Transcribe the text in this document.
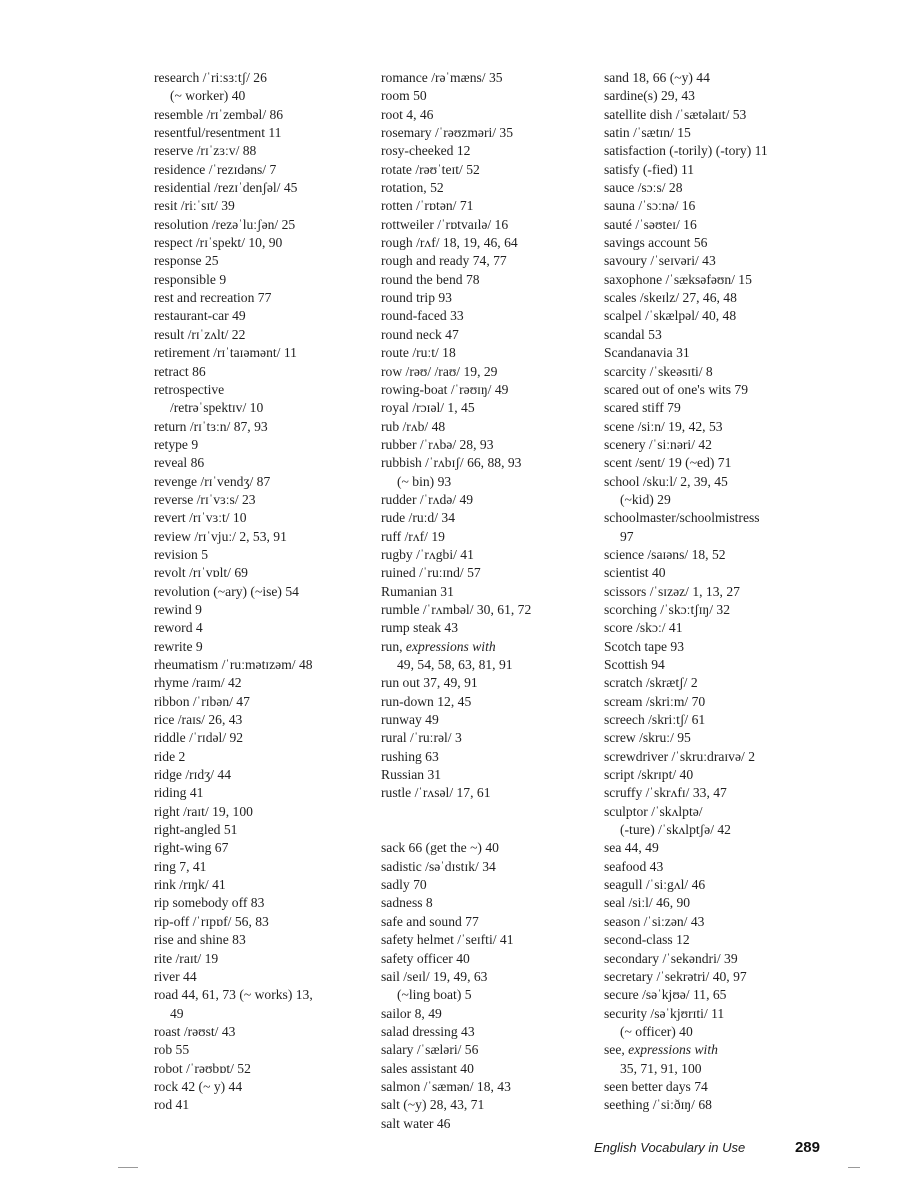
research /ˈriːsɜːtʃ/ 26
(~ worker) 40
resemble /rɪˈzembəl/ 86
resentful/resentment 11
reserve /rɪˈzɜːv/ 88
residence /ˈrezɪdəns/ 7
residential /rezɪˈdenʃəl/ 45
resit /riːˈsɪt/ 39
resolution /rezəˈluːʃən/ 25
respect /rɪˈspekt/ 10, 90
response 25
responsible 9
rest and recreation 77
restaurant-car 49
result /rɪˈzʌlt/ 22
retirement /rɪˈtaɪəmənt/ 11
retract 86
retrospective
/retrəˈspektɪv/ 10
return /rɪˈtɜːn/ 87, 93
retype 9
reveal 86
revenge /rɪˈvendʒ/ 87
reverse /rɪˈvɜːs/ 23
revert /rɪˈvɜːt/ 10
review /rɪˈvjuː/ 2, 53, 91
revision 5
revolt /rɪˈvɒlt/ 69
revolution (~ary) (~ise) 54
rewind 9
reword 4
rewrite 9
rheumatism /ˈruːmətɪzəm/ 48
rhyme /raɪm/ 42
ribbon /ˈrɪbən/ 47
rice /raɪs/ 26, 43
riddle /ˈrɪdəl/ 92
ride 2
ridge /rɪdʒ/ 44
riding 41
right /raɪt/ 19, 100
right-angled 51
right-wing 67
ring 7, 41
rink /rɪŋk/ 41
rip somebody off 83
rip-off /ˈrɪpɒf/ 56, 83
rise and shine 83
rite /raɪt/ 19
river 44
road 44, 61, 73 (~ works) 13,
49
roast /rəʊst/ 43
rob 55
robot /ˈrəʊbɒt/ 52
rock 42 (~ y) 44
rod 41
romance /rəˈmæns/ 35
room 50
root 4, 46
rosemary /ˈrəʊzməri/ 35
rosy-cheeked 12
rotate /rəʊˈteɪt/ 52
rotation, 52
rotten /ˈrɒtən/ 71
rottweiler /ˈrɒtvaɪlə/ 16
rough /rʌf/ 18, 19, 46, 64
rough and ready 74, 77
round the bend 78
round trip 93
round-faced 33
round neck 47
route /ruːt/ 18
row /rəʊ/ /raʊ/ 19, 29
rowing-boat /ˈrəʊɪŋ/ 49
royal /rɔɪəl/ 1, 45
rub /rʌb/ 48
rubber /ˈrʌbə/ 28, 93
rubbish /ˈrʌbɪʃ/ 66, 88, 93
(~ bin) 93
rudder /ˈrʌdə/ 49
rude /ruːd/ 34
ruff /rʌf/ 19
rugby /ˈrʌgbi/ 41
ruined /ˈruːɪnd/ 57
Rumanian 31
rumble /ˈrʌmbəl/ 30, 61, 72
rump steak 43
run, expressions with
49, 54, 58, 63, 81, 91
run out 37, 49, 91
run-down 12, 45
runway 49
rural /ˈruːrəl/ 3
rushing 63
Russian 31
rustle /ˈrʌsəl/ 17, 61
sack 66 (get the ~) 40
sadistic /səˈdɪstɪk/ 34
sadly 70
sadness 8
safe and sound 77
safety helmet /ˈseɪfti/ 41
safety officer 40
sail /seɪl/ 19, 49, 63
(~ling boat) 5
sailor 8, 49
salad dressing 43
salary /ˈsæləri/ 56
sales assistant 40
salmon /ˈsæmən/ 18, 43
salt (~y) 28, 43, 71
salt water 46
sand 18, 66 (~y) 44
sardine(s) 29, 43
satellite dish /ˈsætəlaɪt/ 53
satin /ˈsætɪn/ 15
satisfaction (-torily) (-tory) 11
satisfy (-fied) 11
sauce /sɔːs/ 28
sauna /ˈsɔːnə/ 16
sauté /ˈsəʊteɪ/ 16
savings account 56
savoury /ˈseɪvəri/ 43
saxophone /ˈsæksəfəʊn/ 15
scales /skeɪlz/ 27, 46, 48
scalpel /ˈskælpəl/ 40, 48
scandal 53
Scandanavia 31
scarcity /ˈskeəsɪti/ 8
scared out of one's wits 79
scared stiff 79
scene /siːn/ 19, 42, 53
scenery /ˈsiːnəri/ 42
scent /sent/ 19 (~ed) 71
school /skuːl/ 2, 39, 45
(~kid) 29
schoolmaster/schoolmistress
97
science /saɪəns/ 18, 52
scientist 40
scissors /ˈsɪzəz/ 1, 13, 27
scorching /ˈskɔːtʃɪŋ/ 32
score /skɔː/ 41
Scotch tape 93
Scottish 94
scratch /skrætʃ/ 2
scream /skriːm/ 70
screech /skriːtʃ/ 61
screw /skruː/ 95
screwdriver /ˈskruːdraɪvə/ 2
script /skrɪpt/ 40
scruffy /ˈskrʌfɪ/ 33, 47
sculptor /ˈskʌlptə/
(-ture) /ˈskʌlptʃə/ 42
sea 44, 49
seafood 43
seagull /ˈsiːgʌl/ 46
seal /siːl/ 46, 90
season /ˈsiːzən/ 43
second-class 12
secondary /ˈsekəndri/ 39
secretary /ˈsekrətri/ 40, 97
secure /səˈkjʊə/ 11, 65
security /səˈkjʊrɪti/ 11
(~ officer) 40
see, expressions with
35, 71, 91, 100
seen better days 74
seething /ˈsiːðɪŋ/ 68
English Vocabulary in Use	289
